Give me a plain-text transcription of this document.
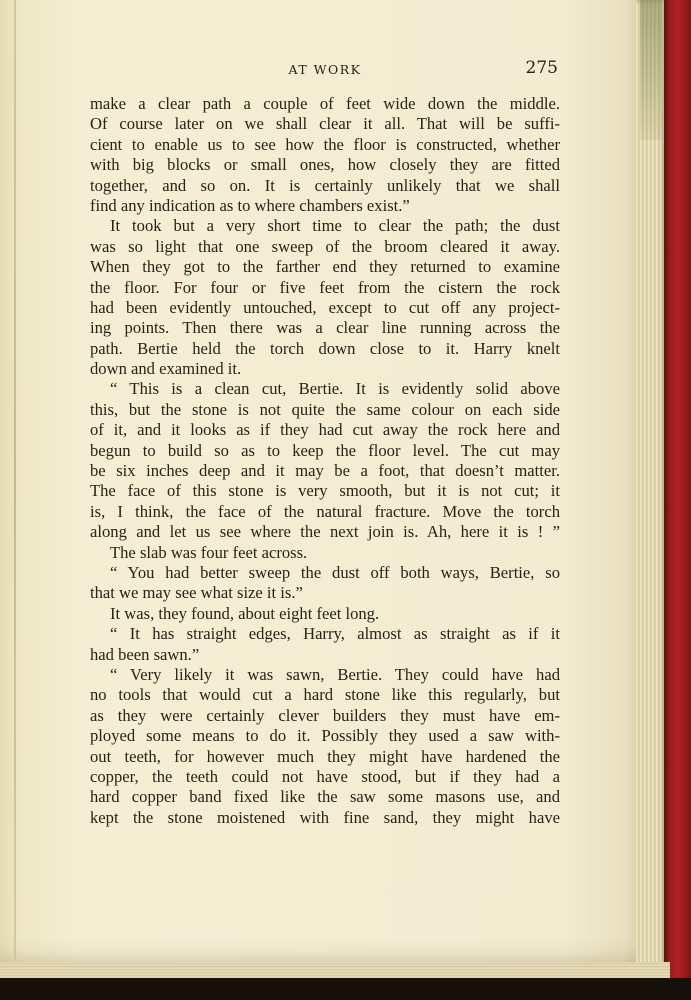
AT WORK	275
make a clear path a couple of feet wide down the middle.
Of course later on we shall clear it all. That will be suffi-
cient to enable us to see how the floor is constructed, whether
with big blocks or small ones, how closely they are fitted
together, and so on. It is certainly unlikely that we shall
find any indication as to where chambers exist.”
It took but a very short time to clear the path; the dust
was so light that one sweep of the broom cleared it away.
When they got to the farther end they returned to examine
the floor. For four or five feet from the cistern the rock
had been evidently untouched, except to cut off any project-
ing points. Then there was a clear line running across the
path. Bertie held the torch down close to it. Harry knelt
down and examined it.
“ This is a clean cut, Bertie. It is evidently solid above
this, but the stone is not quite the same colour on each side
of it, and it looks as if they had cut away the rock here and
begun to build so as to keep the floor level. The cut may
be six inches deep and it may be a foot, that doesn’t matter.
The face of this stone is very smooth, but it is not cut; it
is, I think, the face of the natural fracture. Move the torch
along and let us see where the next join is. Ah, here it is ! ”
The slab was four feet across.
“ You had better sweep the dust off both ways, Bertie, so
that we may see what size it is.”
It was, they found, about eight feet long.
“ It has straight edges, Harry, almost as straight as if it
had been sawn.”
“ Very likely it was sawn, Bertie. They could have had
no tools that would cut a hard stone like this regularly, but
as they were certainly clever builders they must have em-
ployed some means to do it. Possibly they used a saw with-
out teeth, for however much they might have hardened the
copper, the teeth could not have stood, but if they had a
hard copper band fixed like the saw some masons use, and
kept the stone moistened with fine sand, they might have
